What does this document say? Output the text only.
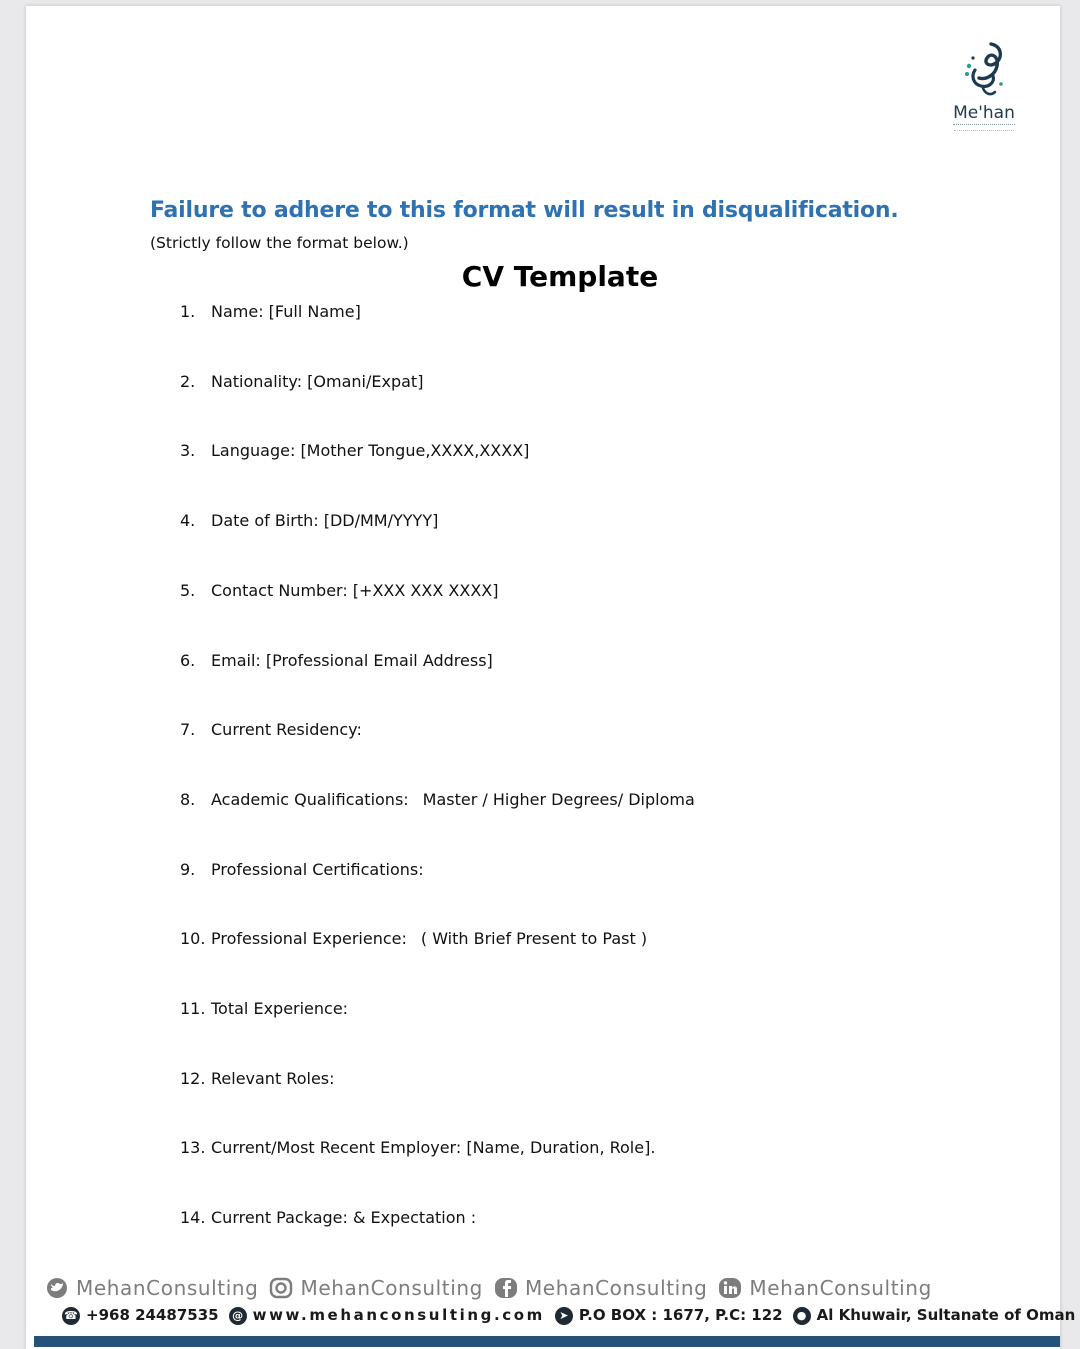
Me'han
Failure to adhere to this format will result in disqualification.
(Strictly follow the format below.)
CV Template
1. Name: [Full Name]
2. Nationality: [Omani/Expat]
3. Language: [Mother Tongue,XXXX,XXXX]
4. Date of Birth: [DD/MM/YYYY]
5. Contact Number: [+XXX XXX XXXX]
6. Email: [Professional Email Address]
7. Current Residency:
8. Academic Qualifications: Master / Higher Degrees/ Diploma
9. Professional Certifications:
10. Professional Experience: ( With Brief Present to Past )
11. Total Experience:
12. Relevant Roles:
13. Current/Most Recent Employer: [Name, Duration, Role].
14. Current Package: & Expectation :
MehanConsulting MehanConsulting MehanConsulting MehanConsulting
☎ +968 24487535 @ www.mehanconsulting.com ➤ P.O BOX : 1677, P.C: 122 ● Al Khuwair, Sultanate of Oman
